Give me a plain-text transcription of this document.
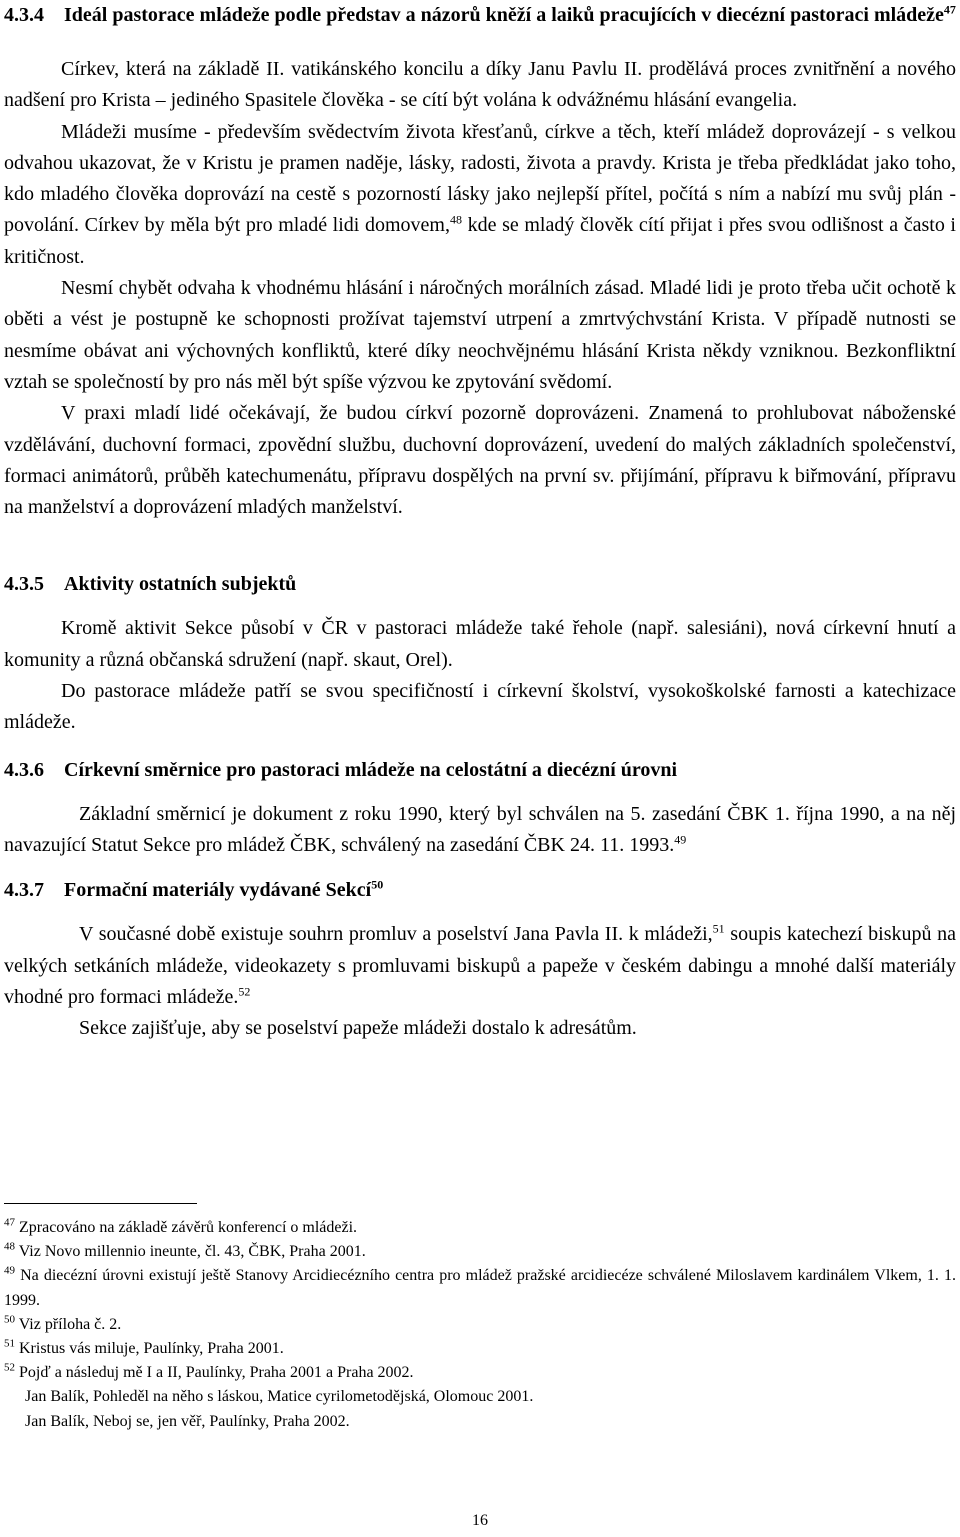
4.3.4	Ideál pastorace mládeže podle představ a názorů kněží a laiků pracujících v diecézní pastoraci mládeže$^{47}$

Církev, která na základě II. vatikánského koncilu a díky Janu Pavlu II. prodělává proces zvnitřnění a nového nadšení pro Krista – jediného Spasitele člověka - se cítí být volána k odvážnému hlásání evangelia.

Mládeži musíme - především svědectvím života křesťanů, církve a těch, kteří mládež doprovázejí - s velkou odvahou ukazovat, že v Kristu je pramen naděje, lásky, radosti, života a pravdy. Krista je třeba předkládat jako toho, kdo mladého člověka doprovází na cestě s pozorností lásky jako nejlepší přítel, počítá s ním a nabízí mu svůj plán - povolání. Církev by měla být pro mladé lidi domovem,$^{48}$ kde se mladý člověk cítí přijat i přes svou odlišnost a často i kritičnost.

Nesmí chybět odvaha k vhodnému hlásání i náročných morálních zásad. Mladé lidi je proto třeba učit ochotě k oběti a vést je postupně ke schopnosti prožívat tajemství utrpení a zmrtvýchvstání Krista. V případě nutnosti se nesmíme obávat ani výchovných konfliktů, které díky neochvějnému hlásání Krista někdy vzniknou. Bezkonfliktní vztah se společností by pro nás měl být spíše výzvou ke zpytování svědomí.

V praxi mladí lidé očekávají, že budou církví pozorně doprovázeni. Znamená to prohlubovat náboženské vzdělávání, duchovní formaci, zpovědní službu, duchovní doprovázení, uvedení do malých základních společenství, formaci animátorů, průběh katechumenátu, přípravu dospělých na první sv. přijímání, přípravu k biřmování, přípravu na manželství a doprovázení mladých manželství.

4.3.5	Aktivity ostatních subjektů

Kromě aktivit Sekce působí v ČR v pastoraci mládeže také řehole (např. salesiáni), nová církevní hnutí a komunity a různá občanská sdružení (např. skaut, Orel).

Do pastorace mládeže patří se svou specifičností i církevní školství, vysokoškolské farnosti a katechizace mládeže.

4.3.6	Církevní směrnice pro pastoraci mládeže na celostátní a diecézní úrovni

Základní směrnicí je dokument z roku 1990, který byl schválen na 5. zasedání ČBK 1. října 1990, a na něj navazující Statut Sekce pro mládež ČBK, schválený na zasedání ČBK 24. 11. 1993.49

4.3.7	Formační materiály vydávané Sekcí$^{50}$

V současné době existuje souhrn promluv a poselství Jana Pavla II. k mládeži,$^{51}$ soupis katechezí biskupů na velkých setkáních mládeže, videokazety s promluvami biskupů a papeže v českém dabingu a mnohé další materiály vhodné pro formaci mládeže.$^{52}$

Sekce zajišťuje, aby se poselství papeže mládeži dostalo k adresátům.

$^{47}$ Zpracováno na základě závěrů konferencí o mládeži.

$^{48}$ Viz Novo millennio ineunte, čl. 43, ČBK, Praha 2001.

$^{49}$ Na diecézní úrovni existují ještě Stanovy Arcidiecézního centra pro mládež pražské arcidiecéze schválené Miloslavem kardinálem Vlkem, 1. 1. 1999.

$^{50}$ Viz příloha č. 2.

$^{51}$ Kristus vás miluje, Paulínky, Praha 2001.

$^{52}$ Pojď a následuj mě I a II, Paulínky, Praha 2001 a Praha 2002.

Jan Balík, Pohleděl na něho s láskou, Matice cyrilometodějská, Olomouc 2001.

Jan Balík, Neboj se, jen věř, Paulínky, Praha 2002.

16
